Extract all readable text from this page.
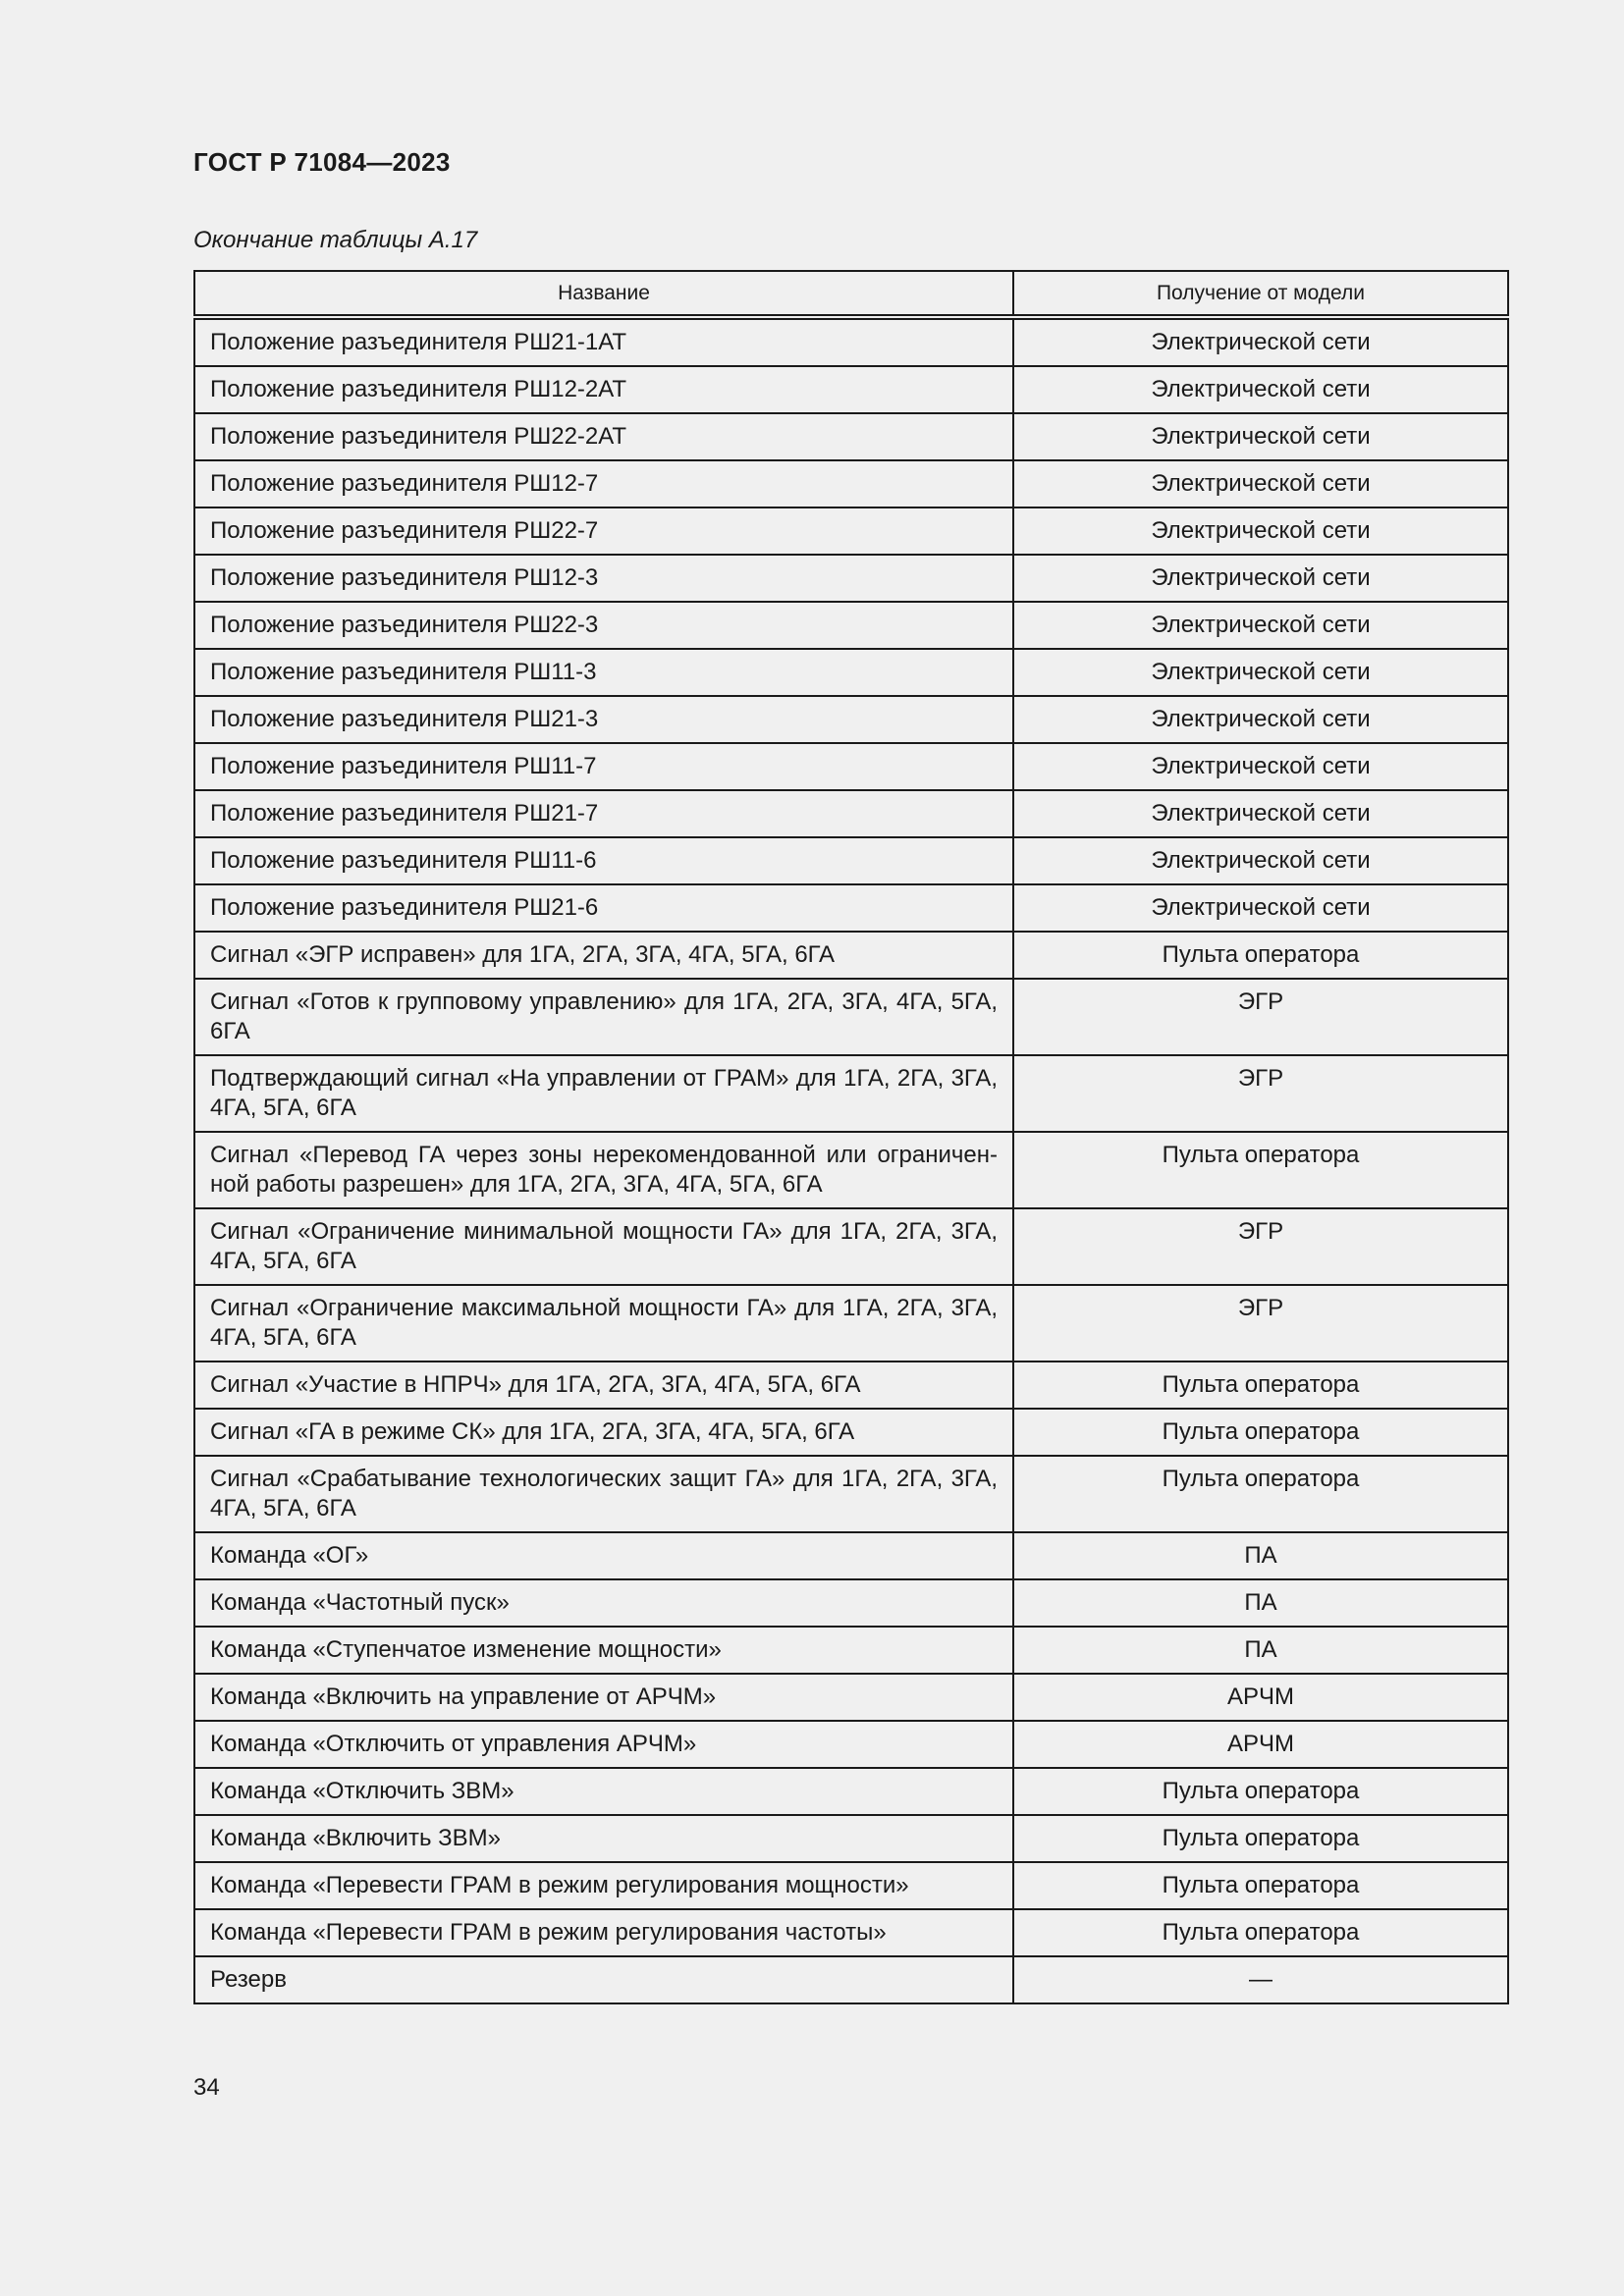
ГОСТ Р 71084—2023
Окончание таблицы А.17
Название	Получение от модели
Положение разъединителя РШ21-1АТ	Электрической сети
Положение разъединителя РШ12-2АТ	Электрической сети
Положение разъединителя РШ22-2АТ	Электрической сети
Положение разъединителя РШ12-7	Электрической сети
Положение разъединителя РШ22-7	Электрической сети
Положение разъединителя РШ12-3	Электрической сети
Положение разъединителя РШ22-3	Электрической сети
Положение разъединителя РШ11-3	Электрической сети
Положение разъединителя РШ21-3	Электрической сети
Положение разъединителя РШ11-7	Электрической сети
Положение разъединителя РШ21-7	Электрической сети
Положение разъединителя РШ11-6	Электрической сети
Положение разъединителя РШ21-6	Электрической сети
Сигнал «ЭГР исправен» для 1ГА, 2ГА, 3ГА, 4ГА, 5ГА, 6ГА	Пульта оператора
Сигнал «Готов к групповому управлению» для 1ГА, 2ГА, 3ГА, 4ГА, 5ГА, 6ГА	ЭГР
Подтверждающий сигнал «На управлении от ГРАМ» для 1ГА, 2ГА, 3ГА, 4ГА, 5ГА, 6ГА	ЭГР
Сигнал «Перевод ГА через зоны нерекомендованной или ограничен-ной работы разрешен» для 1ГА, 2ГА, 3ГА, 4ГА, 5ГА, 6ГА	Пульта оператора
Сигнал «Ограничение минимальной мощности ГА» для 1ГА, 2ГА, 3ГА, 4ГА, 5ГА, 6ГА	ЭГР
Сигнал «Ограничение максимальной мощности ГА» для 1ГА, 2ГА, 3ГА, 4ГА, 5ГА, 6ГА	ЭГР
Сигнал «Участие в НПРЧ» для 1ГА, 2ГА, 3ГА, 4ГА, 5ГА, 6ГА	Пульта оператора
Сигнал «ГА в режиме СК» для 1ГА, 2ГА, 3ГА, 4ГА, 5ГА, 6ГА	Пульта оператора
Сигнал «Срабатывание технологических защит ГА» для 1ГА, 2ГА, 3ГА, 4ГА, 5ГА, 6ГА	Пульта оператора
Команда «ОГ»	ПА
Команда «Частотный пуск»	ПА
Команда «Ступенчатое изменение мощности»	ПА
Команда «Включить на управление от АРЧМ»	АРЧМ
Команда «Отключить от управления АРЧМ»	АРЧМ
Команда «Отключить ЗВМ»	Пульта оператора
Команда «Включить ЗВМ»	Пульта оператора
Команда «Перевести ГРАМ в режим регулирования мощности»	Пульта оператора
Команда «Перевести ГРАМ в режим регулирования частоты»	Пульта оператора
Резерв	—
34
